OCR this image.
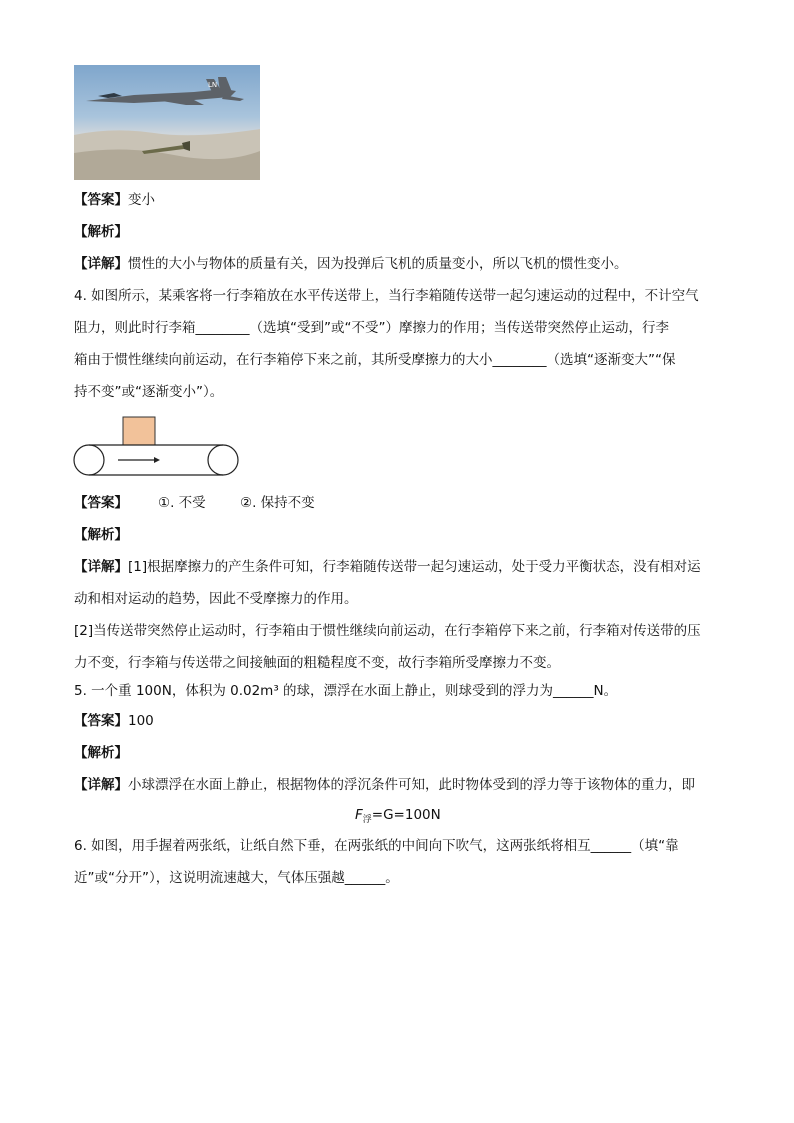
LN
【答案】变小
【解析】
【详解】惯性的大小与物体的质量有关，因为投弹后飞机的质量变小，所以飞机的惯性变小。
4. 如图所示，某乘客将一行李箱放在水平传送带上，当行李箱随传送带一起匀速运动的过程中，不计空气
阻力，则此时行李箱________（选填“受到”或“不受”）摩擦力的作用；当传送带突然停止运动，行李
箱由于惯性继续向前运动，在行李箱停下来之前，其所受摩擦力的大小________（选填“逐渐变大”“保
持不变”或“逐渐变小”）。
【答案】 ①. 不受	②. 保持不变
【解析】
【详解】[1]根据摩擦力的产生条件可知，行李箱随传送带一起匀速运动，处于受力平衡状态，没有相对运
动和相对运动的趋势，因此不受摩擦力的作用。
[2]当传送带突然停止运动时，行李箱由于惯性继续向前运动，在行李箱停下来之前，行李箱对传送带的压
力不变，行李箱与传送带之间接触面的粗糙程度不变，故行李箱所受摩擦力不变。
5. 一个重 100N，体积为 0.02m³ 的球，漂浮在水面上静止，则球受到的浮力为______N。
【答案】100
【解析】
【详解】小球漂浮在水面上静止，根据物体的浮沉条件可知，此时物体受到的浮力等于该物体的重力，即
$F_浮=G=100N$
6. 如图，用手握着两张纸，让纸自然下垂，在两张纸的中间向下吹气，这两张纸将相互______（填“靠
近”或“分开”），这说明流速越大，气体压强越______。
